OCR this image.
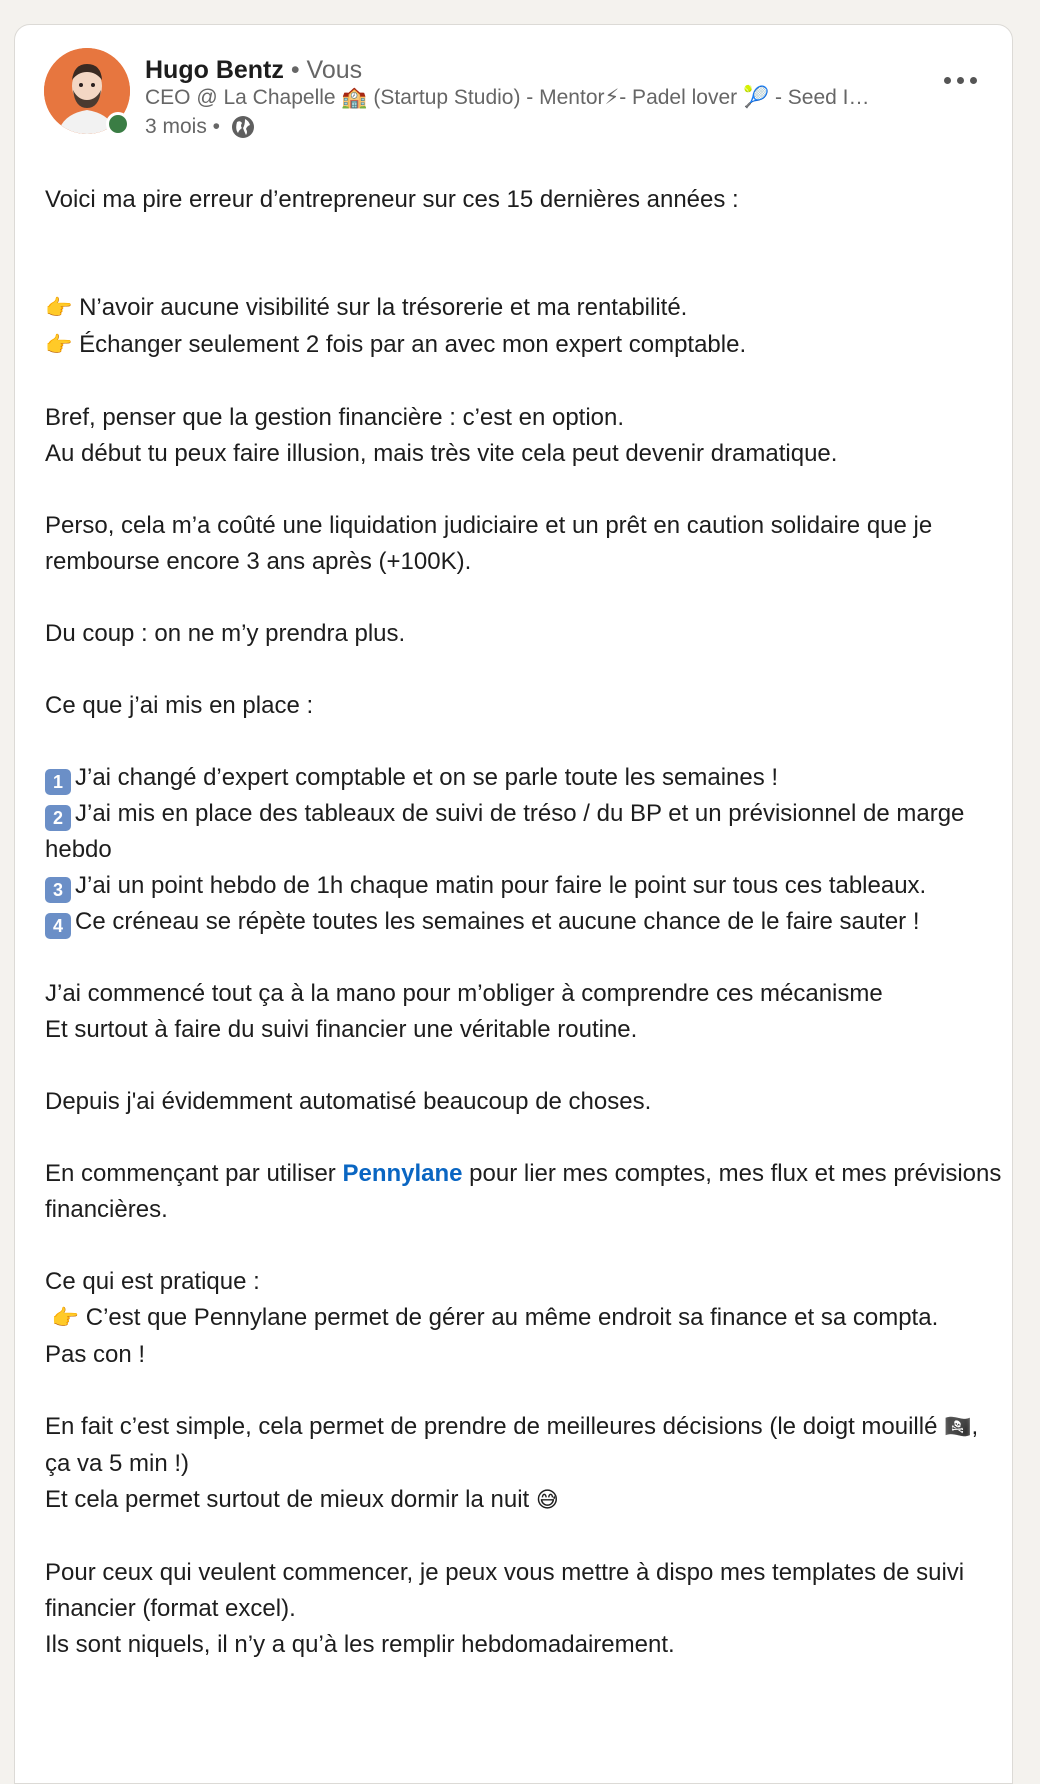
Hugo Bentz • Vous
CEO @ La Chapelle 🏫 (Startup Studio) - Mentor⚡- Padel lover 🎾 - Seed I…
3 mois •
Voici ma pire erreur d’entrepreneur sur ces 15 dernières années :
👉 N’avoir aucune visibilité sur la trésorerie et ma rentabilité.
👉 Échanger seulement 2 fois par an avec mon expert comptable.
Bref, penser que la gestion financière : c’est en option.
Au début tu peux faire illusion, mais très vite cela peut devenir dramatique.
Perso, cela m’a coûté une liquidation judiciaire et un prêt en caution solidaire que je rembourse encore 3 ans après (+100K).
Du coup : on ne m’y prendra plus.
Ce que j’ai mis en place :
1 J’ai changé d’expert comptable et on se parle toute les semaines !
2 J’ai mis en place des tableaux de suivi de tréso / du BP et un prévisionnel de marge hebdo
3 J’ai un point hebdo de 1h chaque matin pour faire le point sur tous ces tableaux.
4 Ce créneau se répète toutes les semaines et aucune chance de le faire sauter !
J’ai commencé tout ça à la mano pour m’obliger à comprendre ces mécanisme
Et surtout à faire du suivi financier une véritable routine.
Depuis j'ai évidemment automatisé beaucoup de choses.
En commençant par utiliser Pennylane pour lier mes comptes, mes flux et mes prévisions financières.
Ce qui est pratique :
👉 C’est que Pennylane permet de gérer au même endroit sa finance et sa compta.
Pas con !
En fait c’est simple, cela permet de prendre de meilleures décisions (le doigt mouillé 🏴‍☠️, ça va 5 min !)
Et cela permet surtout de mieux dormir la nuit 😅
Pour ceux qui veulent commencer, je peux vous mettre à dispo mes templates de suivi financier (format excel).
Ils sont niquels, il n’y a qu’à les remplir hebdomadairement.
